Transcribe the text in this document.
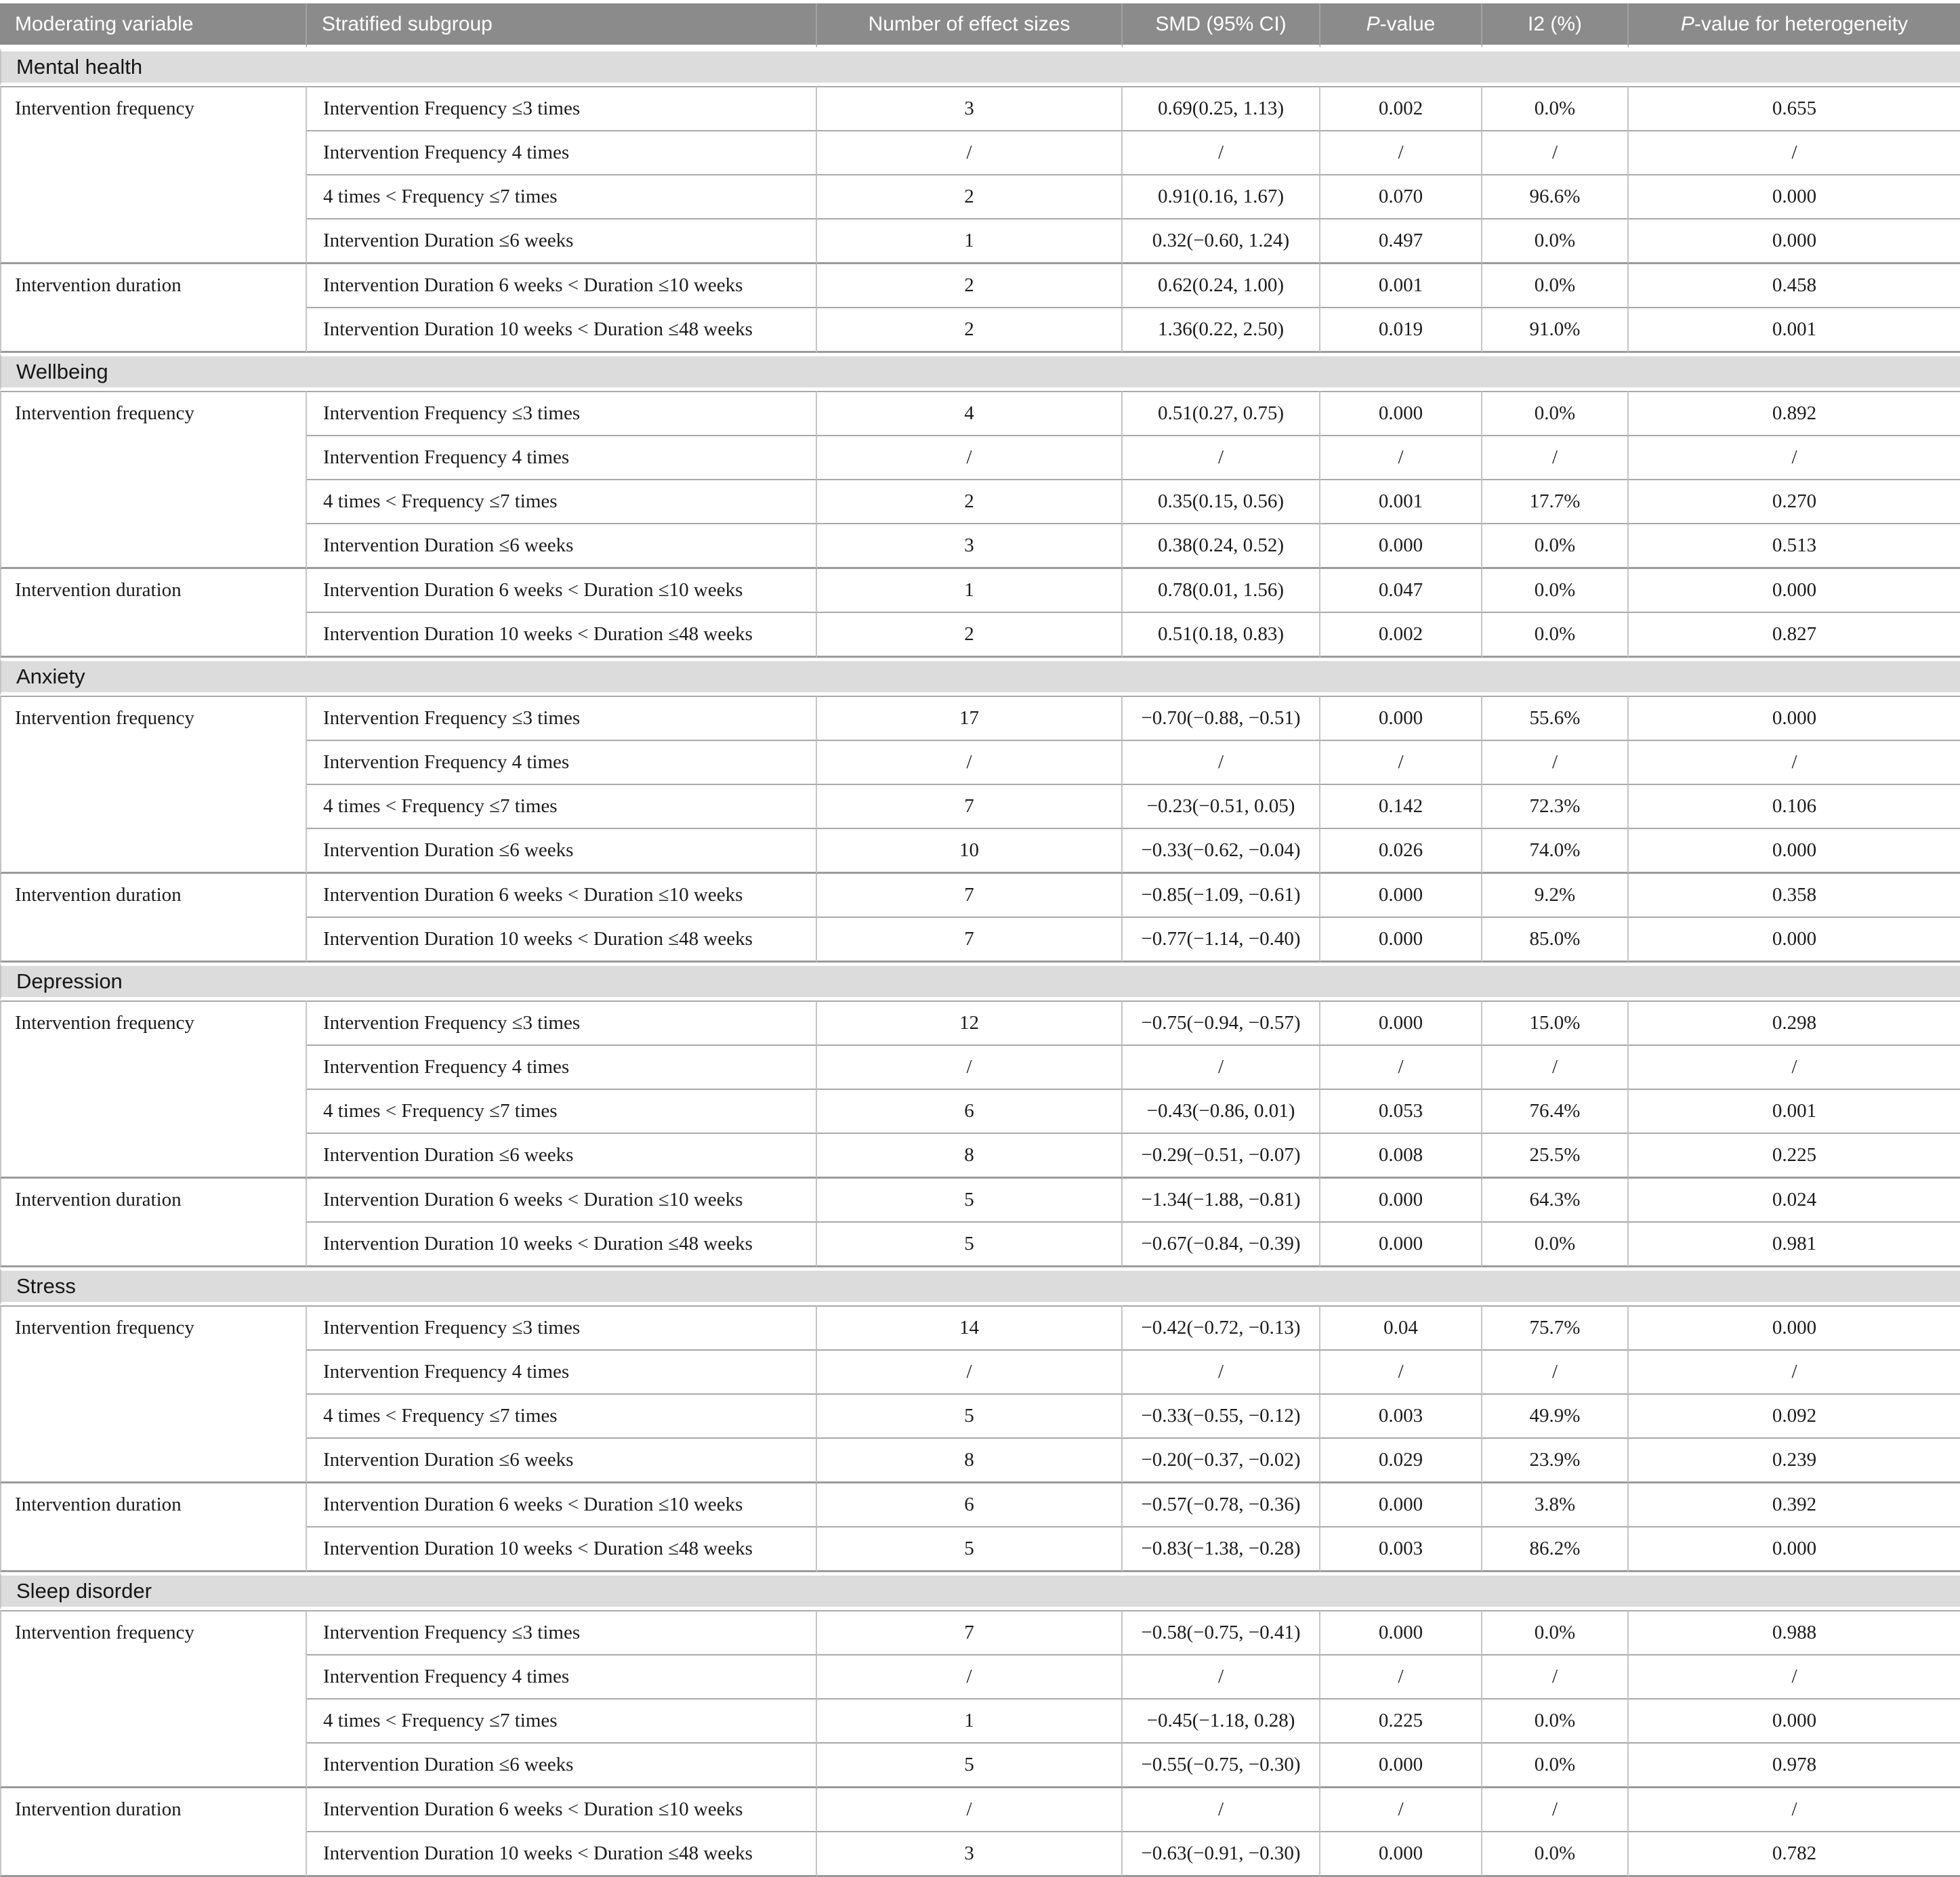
Moderating variable	Stratified subgroup	Number of effect sizes	SMD (95% CI)	P-value	I2 (%)	P-value for heterogeneity
Mental health						
Intervention frequency	Intervention Frequency ≤3 times	3	0.69(0.25, 1.13)	0.002	0.0%	0.655
	Intervention Frequency 4 times	/	/	/	/	/
	4 times < Frequency ≤7 times	2	0.91(0.16, 1.67)	0.070	96.6%	0.000
	Intervention Duration ≤6 weeks	1	0.32(−0.60, 1.24)	0.497	0.0%	0.000
Intervention duration	Intervention Duration 6 weeks < Duration ≤10 weeks	2	0.62(0.24, 1.00)	0.001	0.0%	0.458
	Intervention Duration 10 weeks < Duration ≤48 weeks	2	1.36(0.22, 2.50)	0.019	91.0%	0.001
Wellbeing						
Intervention frequency	Intervention Frequency ≤3 times	4	0.51(0.27, 0.75)	0.000	0.0%	0.892
	Intervention Frequency 4 times	/	/	/	/	/
	4 times < Frequency ≤7 times	2	0.35(0.15, 0.56)	0.001	17.7%	0.270
	Intervention Duration ≤6 weeks	3	0.38(0.24, 0.52)	0.000	0.0%	0.513
Intervention duration	Intervention Duration 6 weeks < Duration ≤10 weeks	1	0.78(0.01, 1.56)	0.047	0.0%	0.000
	Intervention Duration 10 weeks < Duration ≤48 weeks	2	0.51(0.18, 0.83)	0.002	0.0%	0.827
Anxiety						
Intervention frequency	Intervention Frequency ≤3 times	17	−0.70(−0.88, −0.51)	0.000	55.6%	0.000
	Intervention Frequency 4 times	/	/	/	/	/
	4 times < Frequency ≤7 times	7	−0.23(−0.51, 0.05)	0.142	72.3%	0.106
	Intervention Duration ≤6 weeks	10	−0.33(−0.62, −0.04)	0.026	74.0%	0.000
Intervention duration	Intervention Duration 6 weeks < Duration ≤10 weeks	7	−0.85(−1.09, −0.61)	0.000	9.2%	0.358
	Intervention Duration 10 weeks < Duration ≤48 weeks	7	−0.77(−1.14, −0.40)	0.000	85.0%	0.000
Depression						
Intervention frequency	Intervention Frequency ≤3 times	12	−0.75(−0.94, −0.57)	0.000	15.0%	0.298
	Intervention Frequency 4 times	/	/	/	/	/
	4 times < Frequency ≤7 times	6	−0.43(−0.86, 0.01)	0.053	76.4%	0.001
	Intervention Duration ≤6 weeks	8	−0.29(−0.51, −0.07)	0.008	25.5%	0.225
Intervention duration	Intervention Duration 6 weeks < Duration ≤10 weeks	5	−1.34(−1.88, −0.81)	0.000	64.3%	0.024
	Intervention Duration 10 weeks < Duration ≤48 weeks	5	−0.67(−0.84, −0.39)	0.000	0.0%	0.981
Stress						
Intervention frequency	Intervention Frequency ≤3 times	14	−0.42(−0.72, −0.13)	0.04	75.7%	0.000
	Intervention Frequency 4 times	/	/	/	/	/
	4 times < Frequency ≤7 times	5	−0.33(−0.55, −0.12)	0.003	49.9%	0.092
	Intervention Duration ≤6 weeks	8	−0.20(−0.37, −0.02)	0.029	23.9%	0.239
Intervention duration	Intervention Duration 6 weeks < Duration ≤10 weeks	6	−0.57(−0.78, −0.36)	0.000	3.8%	0.392
	Intervention Duration 10 weeks < Duration ≤48 weeks	5	−0.83(−1.38, −0.28)	0.003	86.2%	0.000
Sleep disorder						
Intervention frequency	Intervention Frequency ≤3 times	7	−0.58(−0.75, −0.41)	0.000	0.0%	0.988
	Intervention Frequency 4 times	/	/	/	/	/
	4 times < Frequency ≤7 times	1	−0.45(−1.18, 0.28)	0.225	0.0%	0.000
	Intervention Duration ≤6 weeks	5	−0.55(−0.75, −0.30)	0.000	0.0%	0.978
Intervention duration	Intervention Duration 6 weeks < Duration ≤10 weeks	/	/	/	/	/
	Intervention Duration 10 weeks < Duration ≤48 weeks	3	−0.63(−0.91, −0.30)	0.000	0.0%	0.782
